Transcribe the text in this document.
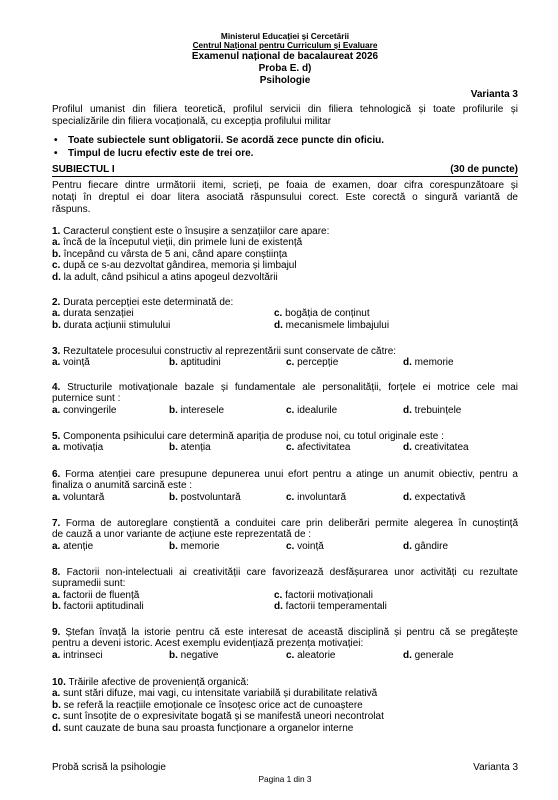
Ministerul Educației și Cercetării
Centrul Național pentru Curriculum și Evaluare
Examenul național de bacalaureat 2026
Proba E. d)
Psihologie
Varianta 3
Profilul umanist din filiera teoretică, profilul servicii din filiera tehnologică și toate profilurile și
specializările din filiera vocațională, cu excepția profilului militar
•	Toate subiectele sunt obligatorii. Se acordă zece puncte din oficiu.
•	Timpul de lucru efectiv este de trei ore.
SUBIECTUL I	(30 de puncte)
Pentru fiecare dintre următorii itemi, scrieți, pe foaia de examen, doar cifra corespunzătoare și
notați în dreptul ei doar litera asociată răspunsului corect. Este corectă o singură variantă de
răspuns.
1. Caracterul conștient este o însușire a senzațiilor care apare:
a. încă de la începutul vieții, din primele luni de existență
b. începând cu vârsta de 5 ani, când apare conștiința
c. după ce s-au dezvoltat gândirea, memoria și limbajul
d. la adult, când psihicul a atins apogeul dezvoltării
2. Durata percepției este determinată de:
a. durata senzației	c. bogăția de conținut
b. durata acțiunii stimulului	d. mecanismele limbajului
3. Rezultatele procesului constructiv al reprezentării sunt conservate de către:
a. voință	b. aptitudini	c. percepție	d. memorie
4. Structurile motivaționale bazale și fundamentale ale personalității, forțele ei motrice cele mai
puternice sunt :
a. convingerile	b. interesele	c. idealurile	d. trebuințele
5. Componenta psihicului care determină apariția de produse noi, cu totul originale este :
a. motivația	b. atenția	c. afectivitatea	d. creativitatea
6. Forma atenției care presupune depunerea unui efort pentru a atinge un anumit obiectiv, pentru a
finaliza o anumită sarcină este :
a. voluntară	b. postvoluntară	c. involuntară	d. expectativă
7. Forma de autoreglare conștientă a conduitei care prin deliberări permite alegerea în cunoștință
de cauză a unor variante de acțiune este reprezentată de :
a. atenție	b. memorie	c. voință	d. gândire
8. Factorii non-intelectuali ai creativității care favorizează desfășurarea unor activități cu rezultate
supramedii sunt:
a. factorii de fluență	c. factorii motivaționali
b. factorii aptitudinali	d. factorii temperamentali
9. Ștefan învață la istorie pentru că este interesat de această disciplină și pentru că se pregătește
pentru a deveni istoric. Acest exemplu evidențiază prezența motivației:
a. intrinseci	b. negative	c. aleatorie	d. generale
10. Trăirile afective de proveniență organică:
a. sunt stări difuze, mai vagi, cu intensitate variabilă și durabilitate relativă
b. se referă la reacțiile emoționale ce însoțesc orice act de cunoaștere
c. sunt însoțite de o expresivitate bogată și se manifestă uneori necontrolat
d. sunt cauzate de buna sau proasta funcționare a organelor interne
Probă scrisă la psihologie	Varianta 3
Pagina 1 din 3
